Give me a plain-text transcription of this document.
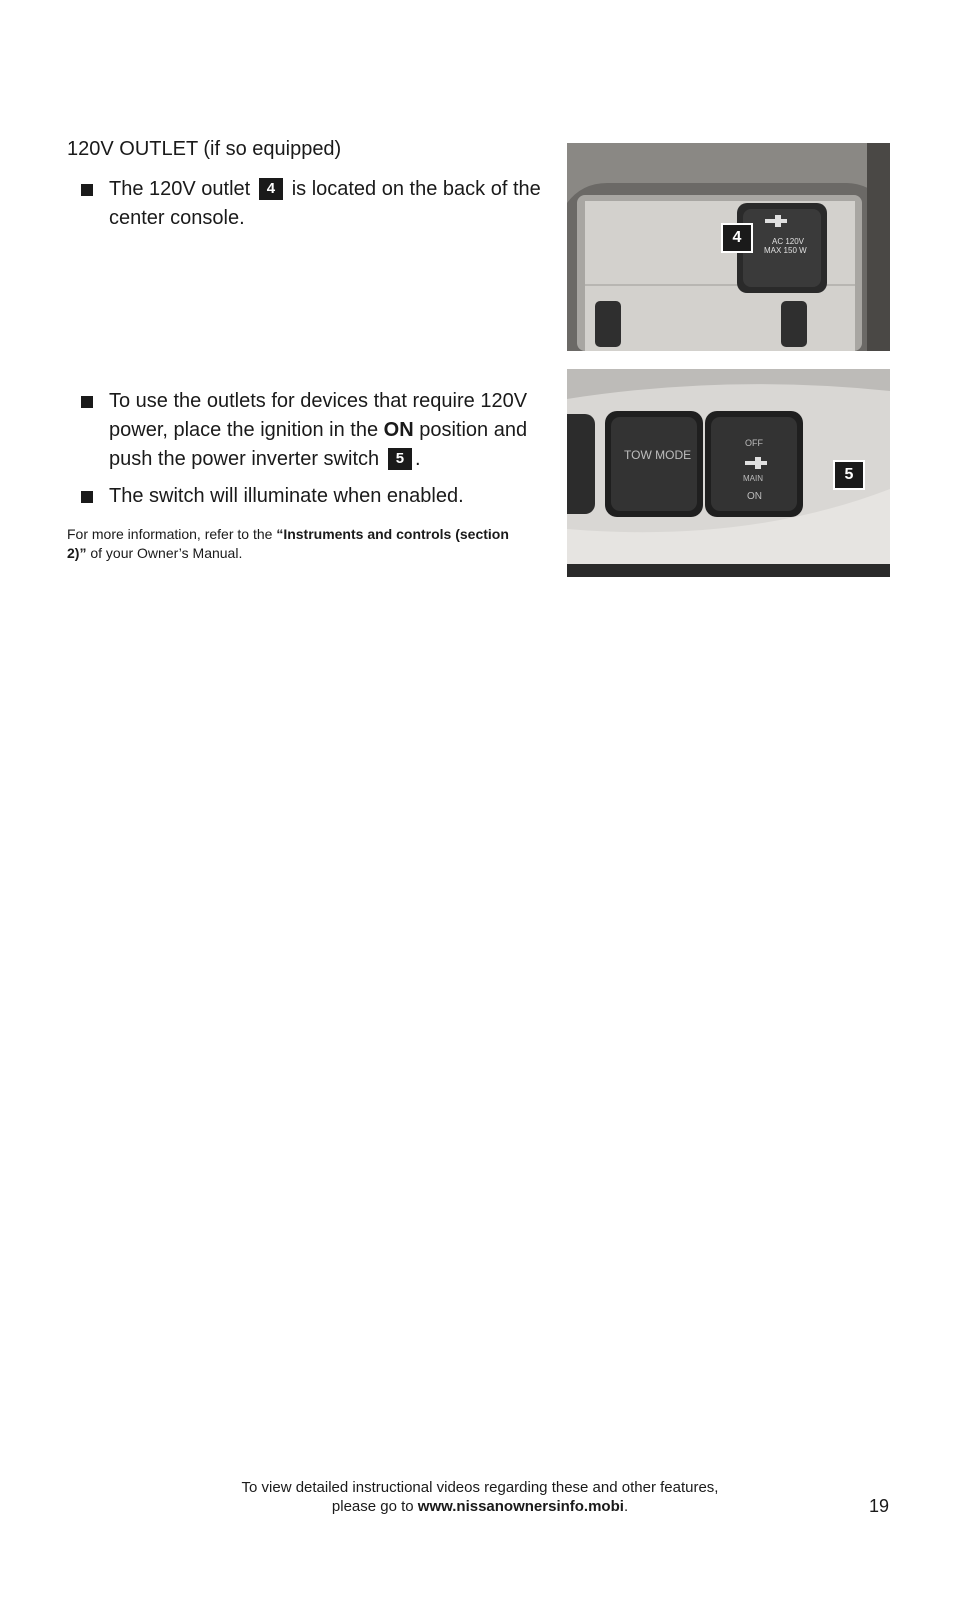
120V OUTLET (if so equipped)
The 120V outlet 4 is located on the back of the center console.
AC 120V
MAX 150 W
4
To use the outlets for devices that require 120V power, place the ignition in the ON position and push the power inverter switch 5 .
The switch will illuminate when enabled.
TOW MODE
OFF
MAIN
ON
5
For more information, refer to the “Instruments and controls (section 2)” of your Owner’s Manual.
To view detailed instructional videos regarding these and other features,
please go to www.nissanownersinfo.mobi.	19
